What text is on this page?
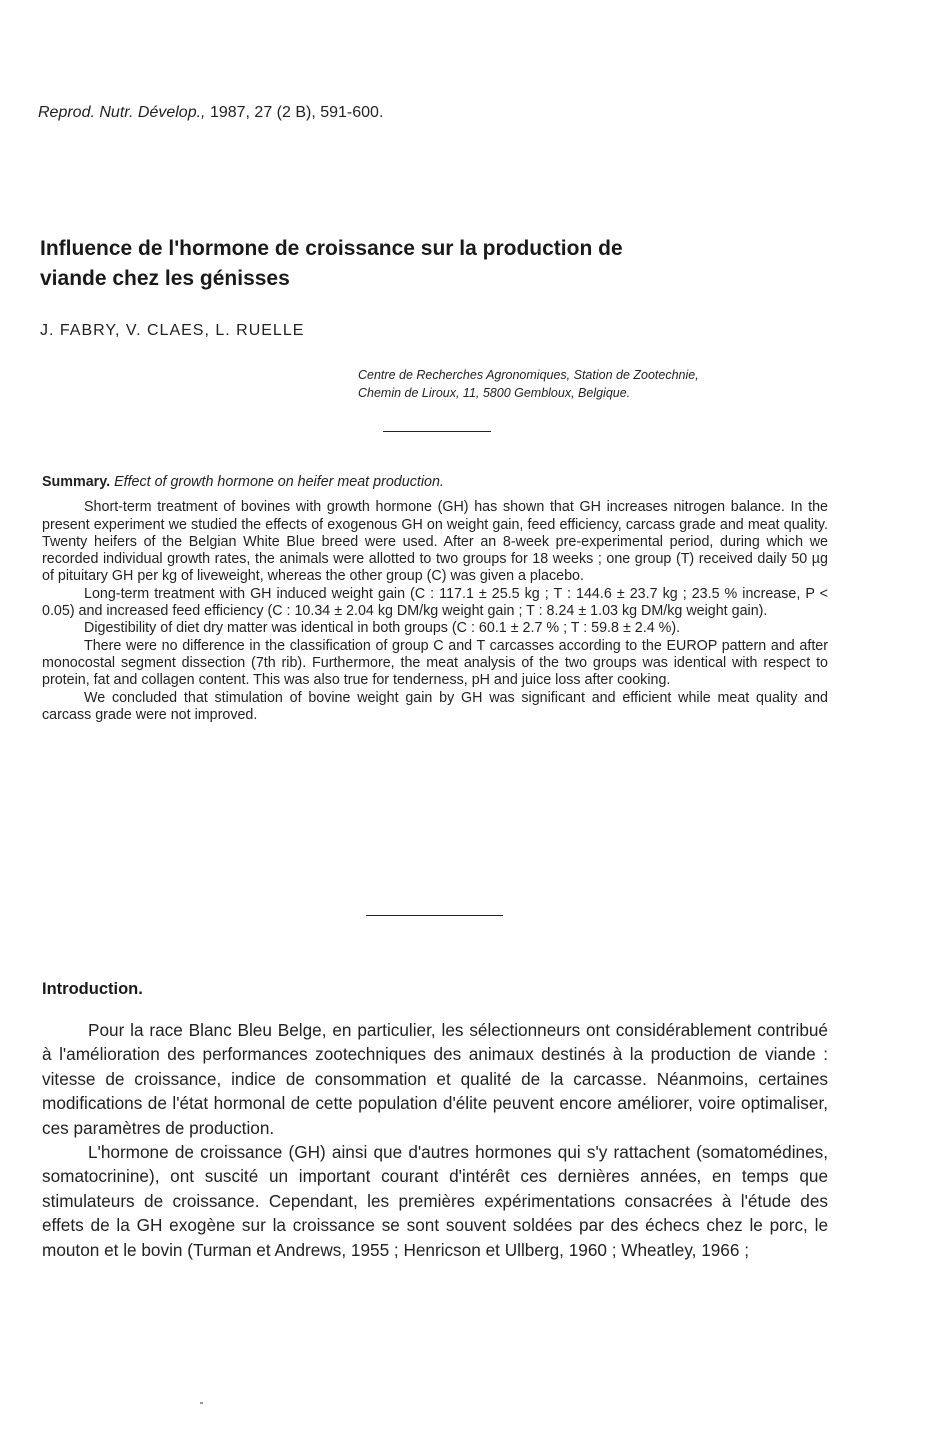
Reprod. Nutr. Dévelop., 1987, 27 (2 B), 591-600.
Influence de l'hormone de croissance sur la production de
viande chez les génisses
J. FABRY, V. CLAES, L. RUELLE
Centre de Recherches Agronomiques, Station de Zootechnie,
Chemin de Liroux, 11, 5800 Gembloux, Belgique.

Summary. Effect of growth hormone on heifer meat production.

Short-term treatment of bovines with growth hormone (GH) has shown that GH increases nitrogen balance. In the present experiment we studied the effects of exogenous GH on weight gain, feed efficiency, carcass grade and meat quality. Twenty heifers of the Belgian White Blue breed were used. After an 8-week pre-experimental period, during which we recorded individual growth rates, the animals were allotted to two groups for 18 weeks ; one group (T) received daily 50 µg of pituitary GH per kg of liveweight, whereas the other group (C) was given a placebo.

Long-term treatment with GH induced weight gain (C : 117.1 ± 25.5 kg ; T : 144.6 ± 23.7 kg ; 23.5 % increase, P < 0.05) and increased feed efficiency (C : 10.34 ± 2.04 kg DM/kg weight gain ; T : 8.24 ± 1.03 kg DM/kg weight gain).

Digestibility of diet dry matter was identical in both groups (C : 60.1 ± 2.7 % ; T : 59.8 ± 2.4 %).

There were no difference in the classification of group C and T carcasses according to the EUROP pattern and after monocostal segment dissection (7th rib). Furthermore, the meat analysis of the two groups was identical with respect to protein, fat and collagen content. This was also true for tenderness, pH and juice loss after cooking.

We concluded that stimulation of bovine weight gain by GH was significant and efficient while meat quality and carcass grade were not improved.

Introduction.

Pour la race Blanc Bleu Belge, en particulier, les sélectionneurs ont considérablement contribué à l'amélioration des performances zootechniques des animaux destinés à la production de viande : vitesse de croissance, indice de consommation et qualité de la carcasse. Néanmoins, certaines modifications de l'état hormonal de cette population d'élite peuvent encore améliorer, voire optimaliser, ces paramètres de production.

L'hormone de croissance (GH) ainsi que d'autres hormones qui s'y rattachent (somatomédines, somatocrinine), ont suscité un important courant d'intérêt ces dernières années, en temps que stimulateurs de croissance. Cependant, les premières expérimentations consacrées à l'étude des effets de la GH exogène sur la croissance se sont souvent soldées par des échecs chez le porc, le mouton et le bovin (Turman et Andrews, 1955 ; Henricson et Ullberg, 1960 ; Wheatley, 1966 ;
